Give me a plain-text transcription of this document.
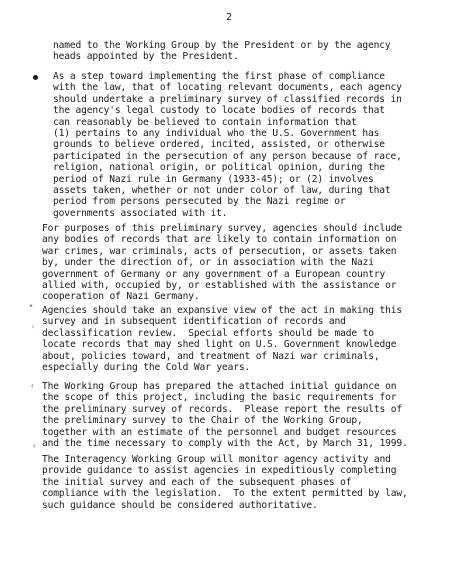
2

named to the Working Group by the President or by the agency
heads appointed by the President.

As a step toward implementing the first phase of compliance
with the law, that of locating relevant documents, each agency
should undertake a preliminary survey of classified records in
the agency's legal custody to locate bodies of records that
can reasonably be believed to contain information that
(1) pertains to any individual who the U.S. Government has
grounds to believe ordered, incited, assisted, or otherwise
participated in the persecution of any person because of race,
religion, national origin, or political opinion, during the
period of Nazi rule in Germany (1933-45); or (2) involves
assets taken, whether or not under color of law, during that
period from persons persecuted by the Nazi regime or
governments associated with it.

For purposes of this preliminary survey, agencies should include
any bodies of records that are likely to contain information on
war crimes, war criminals, acts of persecution, or assets taken
by, under the direction of, or in association with the Nazi
government of Germany or any government of a European country
allied with, occupied by, or established with the assistance or
cooperation of Nazi Germany.

⋆
‹

Agencies should take an expansive view of the act in making this
survey and in subsequent identification of records and
declassification review.  Special efforts should be made to
locate records that may shed light on U.S. Government knowledge
about, policies toward, and treatment of Nazi war criminals,
especially during the Cold War years.

‹ The Working Group has prepared the attached initial guidance on
the scope of this project, including the basic requirements for
the preliminary survey of records.  Please report the results of
the preliminary survey to the Chair of the Working Group,
together with an estimate of the personnel and budget resources
and the time necessary to comply with the Act, by March 31, 1999.

‹

The Interagency Working Group will monitor agency activity and
provide guidance to assist agencies in expeditiously completing
the initial survey and each of the subsequent phases of
compliance with the legislation.  To the extent permitted by law,
such guidance should be considered authoritative.
